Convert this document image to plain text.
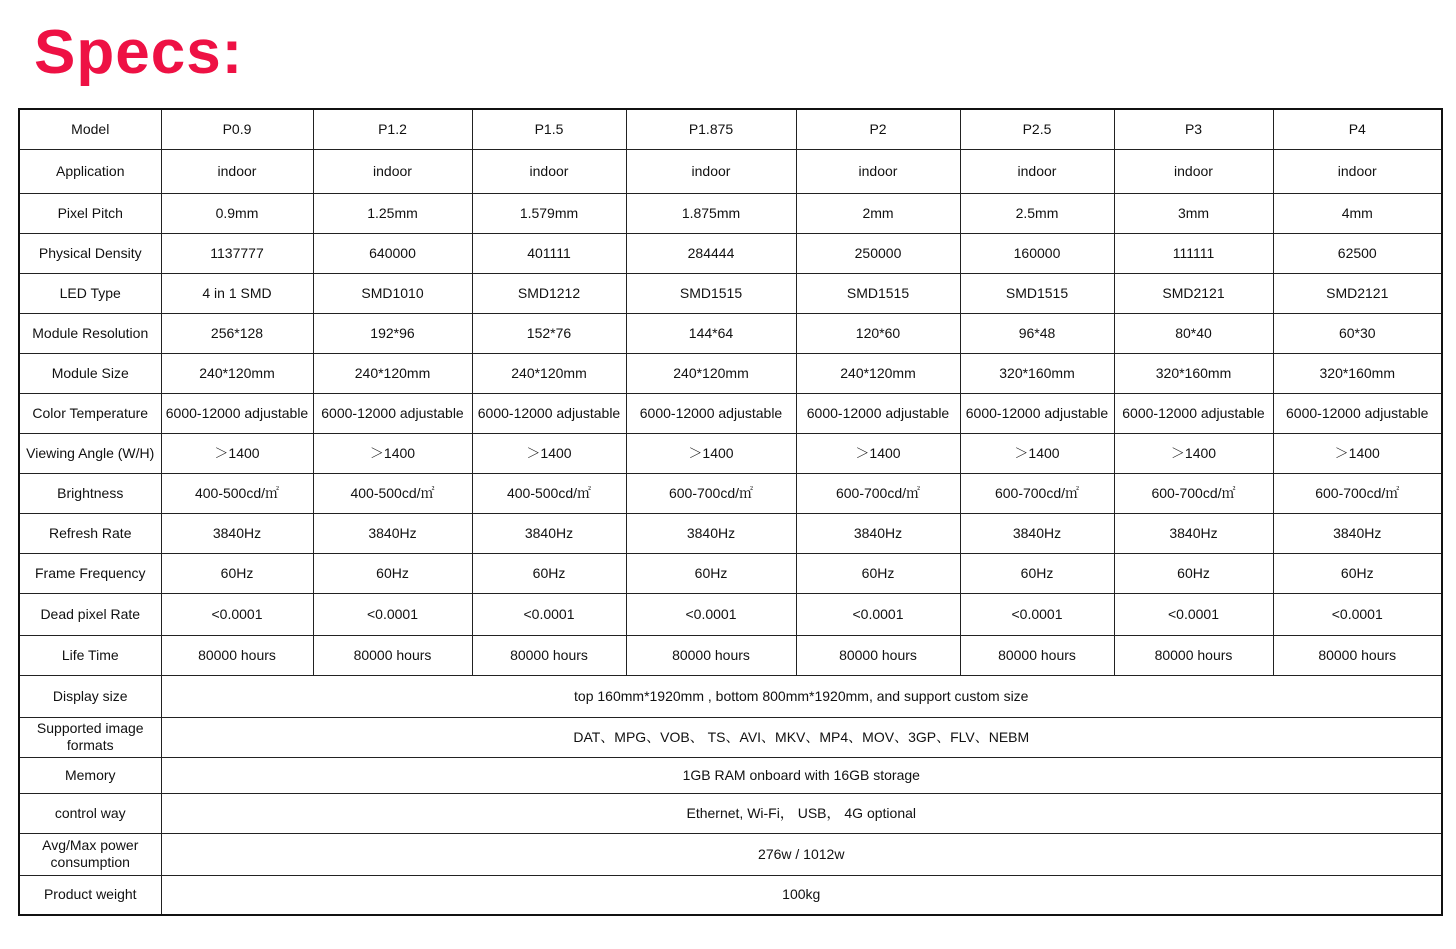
Specs:
Model	P0.9	P1.2	P1.5	P1.875	P2	P2.5	P3	P4
Application	indoor	indoor	indoor	indoor	indoor	indoor	indoor	indoor
Pixel Pitch	0.9mm	1.25mm	1.579mm	1.875mm	2mm	2.5mm	3mm	4mm
Physical Density	1137777	640000	401111	284444	250000	160000	111111	62500
LED Type	4 in 1 SMD	SMD1010	SMD1212	SMD1515	SMD1515	SMD1515	SMD2121	SMD2121
Module Resolution	256*128	192*96	152*76	144*64	120*60	96*48	80*40	60*30
Module Size	240*120mm	240*120mm	240*120mm	240*120mm	240*120mm	320*160mm	320*160mm	320*160mm
Color Temperature	6000-12000 adjustable	6000-12000 adjustable	6000-12000 adjustable	6000-12000 adjustable	6000-12000 adjustable	6000-12000 adjustable	6000-12000 adjustable	6000-12000 adjustable
Viewing Angle (W/H)	＞1400	＞1400	＞1400	＞1400	＞1400	＞1400	＞1400	＞1400
Brightness	400-500cd/㎡	400-500cd/㎡	400-500cd/㎡	600-700cd/㎡	600-700cd/㎡	600-700cd/㎡	600-700cd/㎡	600-700cd/㎡
Refresh Rate	3840Hz	3840Hz	3840Hz	3840Hz	3840Hz	3840Hz	3840Hz	3840Hz
Frame Frequency	60Hz	60Hz	60Hz	60Hz	60Hz	60Hz	60Hz	60Hz
Dead pixel Rate	<0.0001	<0.0001	<0.0001	<0.0001	<0.0001	<0.0001	<0.0001	<0.0001
Life Time	80000 hours	80000 hours	80000 hours	80000 hours	80000 hours	80000 hours	80000 hours	80000 hours
Display size	top 160mm*1920mm , bottom 800mm*1920mm, and support custom size							
Supported image formats	DAT、MPG、VOB、 TS、AVI、MKV、MP4、MOV、3GP、FLV、NEBM							
Memory	1GB RAM onboard with 16GB storage							
control way	Ethernet, Wi-Fi， USB， 4G optional							
Avg/Max power consumption	276w / 1012w							
Product weight	100kg							
